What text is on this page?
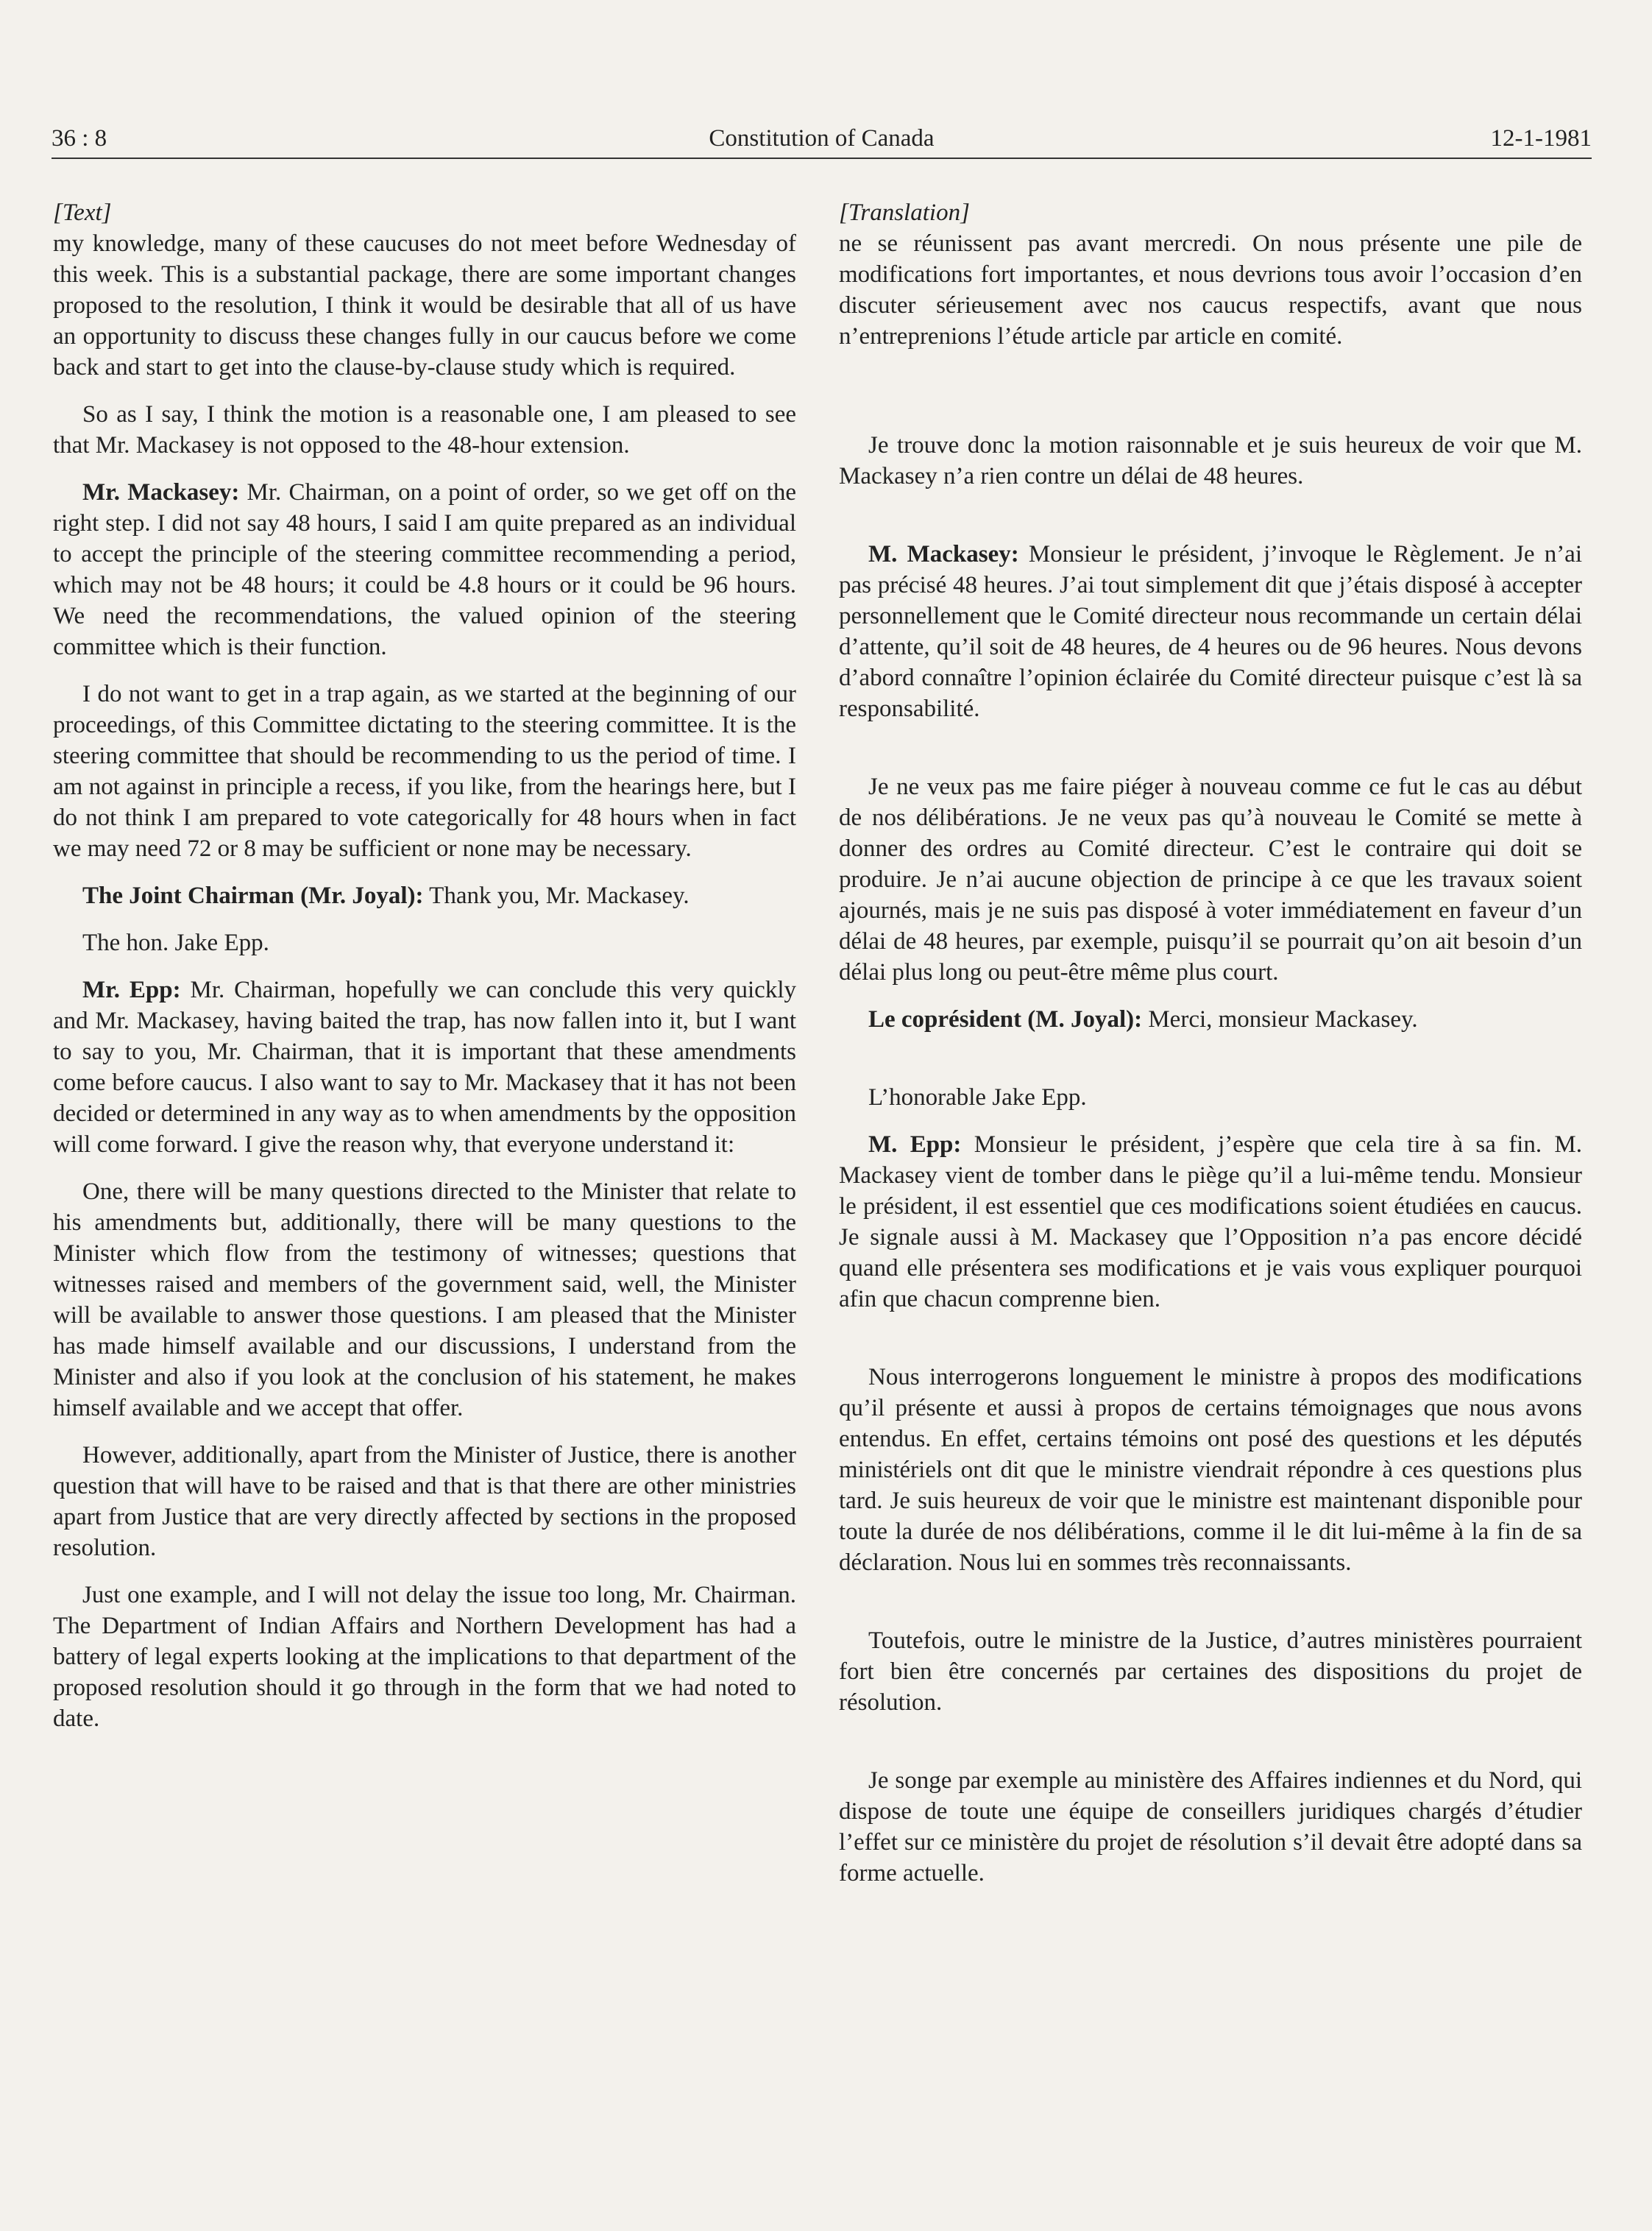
36 : 8	Constitution of Canada	12-1-1981

[Text]

my knowledge, many of these caucuses do not meet before Wednesday of this week. This is a substantial package, there are some important changes proposed to the resolution, I think it would be desirable that all of us have an opportunity to discuss these changes fully in our caucus before we come back and start to get into the clause-by-clause study which is required.

So as I say, I think the motion is a reasonable one, I am pleased to see that Mr. Mackasey is not opposed to the 48-hour extension.

Mr. Mackasey: Mr. Chairman, on a point of order, so we get off on the right step. I did not say 48 hours, I said I am quite prepared as an individual to accept the principle of the steering committee recommending a period, which may not be 48 hours; it could be 4.8 hours or it could be 96 hours. We need the recommendations, the valued opinion of the steering committee which is their function.

I do not want to get in a trap again, as we started at the beginning of our proceedings, of this Committee dictating to the steering committee. It is the steering committee that should be recommending to us the period of time. I am not against in principle a recess, if you like, from the hearings here, but I do not think I am prepared to vote categorically for 48 hours when in fact we may need 72 or 8 may be sufficient or none may be necessary.

The Joint Chairman (Mr. Joyal): Thank you, Mr. Mackasey.

The hon. Jake Epp.

Mr. Epp: Mr. Chairman, hopefully we can conclude this very quickly and Mr. Mackasey, having baited the trap, has now fallen into it, but I want to say to you, Mr. Chairman, that it is important that these amendments come before caucus. I also want to say to Mr. Mackasey that it has not been decided or determined in any way as to when amendments by the opposition will come forward. I give the reason why, that everyone understand it:

One, there will be many questions directed to the Minister that relate to his amendments but, additionally, there will be many questions to the Minister which flow from the testimony of witnesses; questions that witnesses raised and members of the government said, well, the Minister will be available to answer those questions. I am pleased that the Minister has made himself available and our discussions, I understand from the Minister and also if you look at the conclusion of his statement, he makes himself available and we accept that offer.

However, additionally, apart from the Minister of Justice, there is another question that will have to be raised and that is that there are other ministries apart from Justice that are very directly affected by sections in the proposed resolution.

Just one example, and I will not delay the issue too long, Mr. Chairman. The Department of Indian Affairs and Northern Development has had a battery of legal experts looking at the implications to that department of the proposed resolution should it go through in the form that we had noted to date.

[Translation]

ne se réunissent pas avant mercredi. On nous présente une pile de modifications fort importantes, et nous devrions tous avoir l’occasion d’en discuter sérieusement avec nos caucus respectifs, avant que nous n’entreprenions l’étude article par article en comité.

Je trouve donc la motion raisonnable et je suis heureux de voir que M. Mackasey n’a rien contre un délai de 48 heures.

M. Mackasey: Monsieur le président, j’invoque le Règlement. Je n’ai pas précisé 48 heures. J’ai tout simplement dit que j’étais disposé à accepter personnellement que le Comité directeur nous recommande un certain délai d’attente, qu’il soit de 48 heures, de 4 heures ou de 96 heures. Nous devons d’abord connaître l’opinion éclairée du Comité directeur puisque c’est là sa responsabilité.

Je ne veux pas me faire piéger à nouveau comme ce fut le cas au début de nos délibérations. Je ne veux pas qu’à nouveau le Comité se mette à donner des ordres au Comité directeur. C’est le contraire qui doit se produire. Je n’ai aucune objection de principe à ce que les travaux soient ajournés, mais je ne suis pas disposé à voter immédiatement en faveur d’un délai de 48 heures, par exemple, puisqu’il se pourrait qu’on ait besoin d’un délai plus long ou peut-être même plus court.

Le coprésident (M. Joyal): Merci, monsieur Mackasey.

L’honorable Jake Epp.

M. Epp: Monsieur le président, j’espère que cela tire à sa fin. M. Mackasey vient de tomber dans le piège qu’il a lui-même tendu. Monsieur le président, il est essentiel que ces modifications soient étudiées en caucus. Je signale aussi à M. Mackasey que l’Opposition n’a pas encore décidé quand elle présentera ses modifications et je vais vous expliquer pourquoi afin que chacun comprenne bien.

Nous interrogerons longuement le ministre à propos des modifications qu’il présente et aussi à propos de certains témoignages que nous avons entendus. En effet, certains témoins ont posé des questions et les députés ministériels ont dit que le ministre viendrait répondre à ces questions plus tard. Je suis heureux de voir que le ministre est maintenant disponible pour toute la durée de nos délibérations, comme il le dit lui-même à la fin de sa déclaration. Nous lui en sommes très reconnaissants.

Toutefois, outre le ministre de la Justice, d’autres ministères pourraient fort bien être concernés par certaines des dispositions du projet de résolution.

Je songe par exemple au ministère des Affaires indiennes et du Nord, qui dispose de toute une équipe de conseillers juridiques chargés d’étudier l’effet sur ce ministère du projet de résolution s’il devait être adopté dans sa forme actuelle.
